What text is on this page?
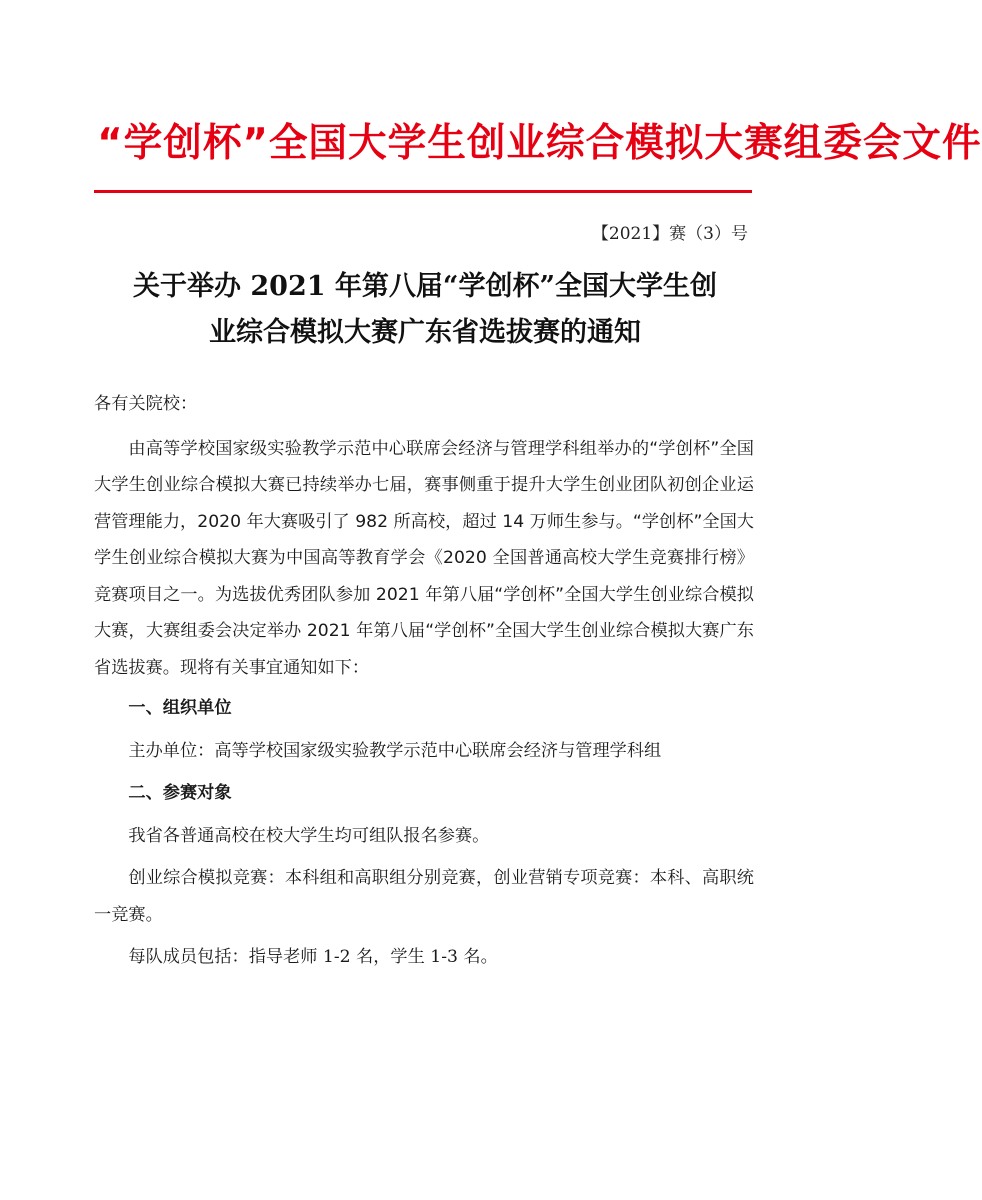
“学创杯”全国大学生创业综合模拟大赛组委会文件
【2021】赛（3）号
关于举办 2021 年第八届“学创杯”全国大学生创
业综合模拟大赛广东省选拔赛的通知

各有关院校：

由高等学校国家级实验教学示范中心联席会经济与管理学科组举办的“学创杯”全国大学生创业综合模拟大赛已持续举办七届，赛事侧重于提升大学生创业团队初创企业运营管理能力，2020 年大赛吸引了 982 所高校，超过 14 万师生参与。“学创杯”全国大学生创业综合模拟大赛为中国高等教育学会《2020 全国普通高校大学生竞赛排行榜》竞赛项目之一。为选拔优秀团队参加 2021 年第八届“学创杯”全国大学生创业综合模拟大赛，大赛组委会决定举办 2021 年第八届“学创杯”全国大学生创业综合模拟大赛广东省选拔赛。现将有关事宜通知如下：

一、组织单位

主办单位：高等学校国家级实验教学示范中心联席会经济与管理学科组

二、参赛对象

我省各普通高校在校大学生均可组队报名参赛。

创业综合模拟竞赛：本科组和高职组分别竞赛，创业营销专项竞赛：本科、高职统一竞赛。

每队成员包括：指导老师 1-2 名，学生 1-3 名。
